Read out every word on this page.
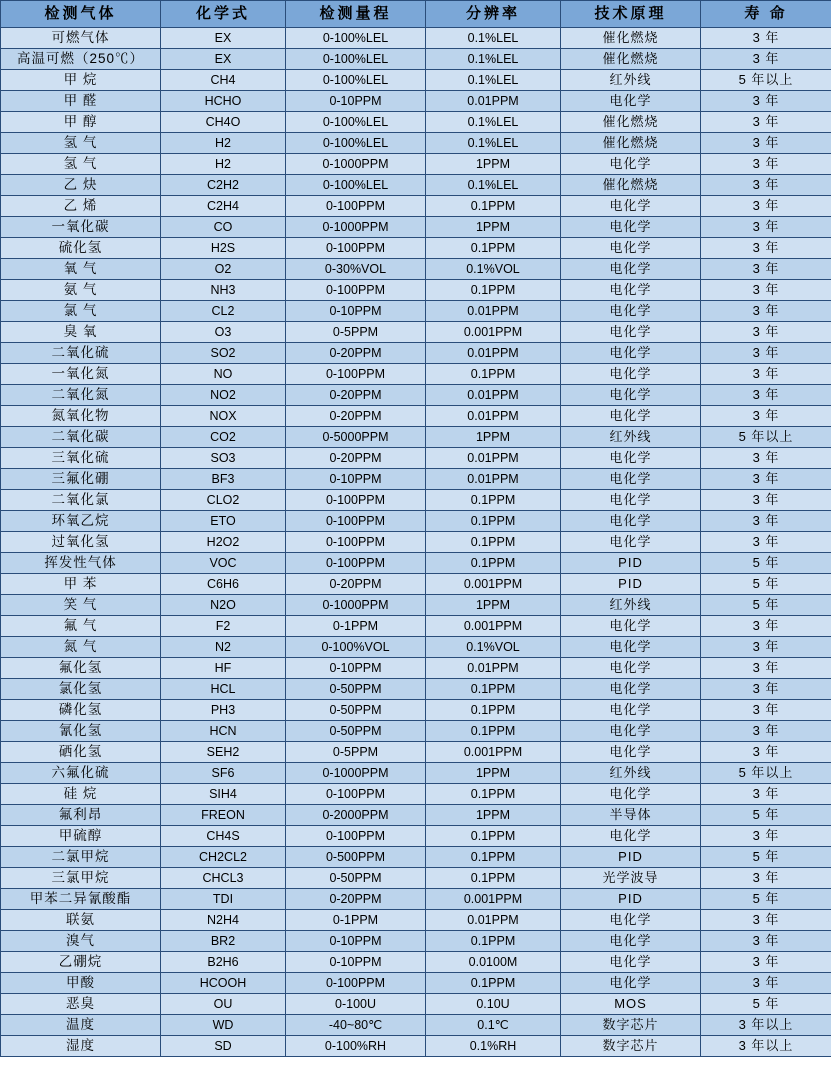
检测气体	化学式	检测量程	分辨率	技术原理	寿 命
可燃气体	EX	0-100%LEL	0.1%LEL	催化燃烧	3 年
高温可燃（250℃）	EX	0-100%LEL	0.1%LEL	催化燃烧	3 年
甲 烷	CH4	0-100%LEL	0.1%LEL	红外线	5 年以上
甲 醛	HCHO	0-10PPM	0.01PPM	电化学	3 年
甲 醇	CH4O	0-100%LEL	0.1%LEL	催化燃烧	3 年
氢 气	H2	0-100%LEL	0.1%LEL	催化燃烧	3 年
氢 气	H2	0-1000PPM	1PPM	电化学	3 年
乙 炔	C2H2	0-100%LEL	0.1%LEL	催化燃烧	3 年
乙 烯	C2H4	0-100PPM	0.1PPM	电化学	3 年
一氧化碳	CO	0-1000PPM	1PPM	电化学	3 年
硫化氢	H2S	0-100PPM	0.1PPM	电化学	3 年
氧 气	O2	0-30%VOL	0.1%VOL	电化学	3 年
氨 气	NH3	0-100PPM	0.1PPM	电化学	3 年
氯 气	CL2	0-10PPM	0.01PPM	电化学	3 年
臭 氧	O3	0-5PPM	0.001PPM	电化学	3 年
二氧化硫	SO2	0-20PPM	0.01PPM	电化学	3 年
一氧化氮	NO	0-100PPM	0.1PPM	电化学	3 年
二氧化氮	NO2	0-20PPM	0.01PPM	电化学	3 年
氮氧化物	NOX	0-20PPM	0.01PPM	电化学	3 年
二氧化碳	CO2	0-5000PPM	1PPM	红外线	5 年以上
三氧化硫	SO3	0-20PPM	0.01PPM	电化学	3 年
三氟化硼	BF3	0-10PPM	0.01PPM	电化学	3 年
二氧化氯	CLO2	0-100PPM	0.1PPM	电化学	3 年
环氧乙烷	ETO	0-100PPM	0.1PPM	电化学	3 年
过氧化氢	H2O2	0-100PPM	0.1PPM	电化学	3 年
挥发性气体	VOC	0-100PPM	0.1PPM	PID	5 年
甲 苯	C6H6	0-20PPM	0.001PPM	PID	5 年
笑 气	N2O	0-1000PPM	1PPM	红外线	5 年
氟 气	F2	0-1PPM	0.001PPM	电化学	3 年
氮 气	N2	0-100%VOL	0.1%VOL	电化学	3 年
氟化氢	HF	0-10PPM	0.01PPM	电化学	3 年
氯化氢	HCL	0-50PPM	0.1PPM	电化学	3 年
磷化氢	PH3	0-50PPM	0.1PPM	电化学	3 年
氰化氢	HCN	0-50PPM	0.1PPM	电化学	3 年
硒化氢	SEH2	0-5PPM	0.001PPM	电化学	3 年
六氟化硫	SF6	0-1000PPM	1PPM	红外线	5 年以上
硅 烷	SIH4	0-100PPM	0.1PPM	电化学	3 年
氟利昂	FREON	0-2000PPM	1PPM	半导体	5 年
甲硫醇	CH4S	0-100PPM	0.1PPM	电化学	3 年
二氯甲烷	CH2CL2	0-500PPM	0.1PPM	PID	5 年
三氯甲烷	CHCL3	0-50PPM	0.1PPM	光学波导	3 年
甲苯二异氰酸酯	TDI	0-20PPM	0.001PPM	PID	5 年
联氨	N2H4	0-1PPM	0.01PPM	电化学	3 年
溴气	BR2	0-10PPM	0.1PPM	电化学	3 年
乙硼烷	B2H6	0-10PPM	0.0100M	电化学	3 年
甲酸	HCOOH	0-100PPM	0.1PPM	电化学	3 年
恶臭	OU	0-100U	0.10U	MOS	5 年
温度	WD	-40~80℃	0.1℃	数字芯片	3 年以上
湿度	SD	0-100%RH	0.1%RH	数字芯片	3 年以上
